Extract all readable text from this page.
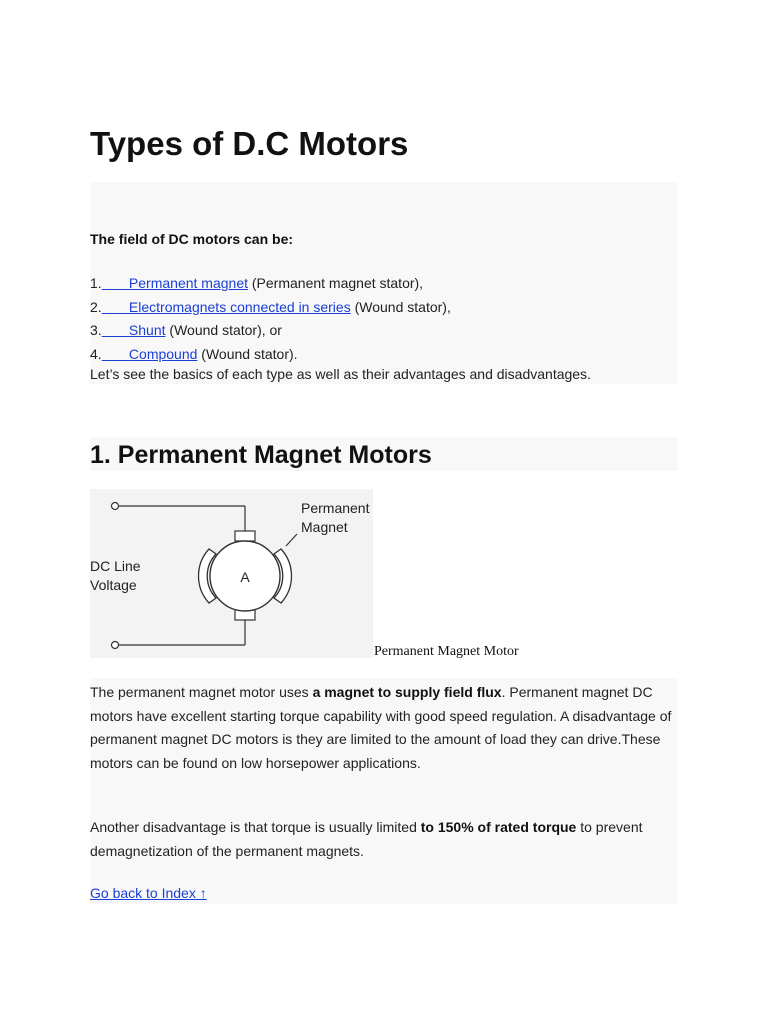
Types of D.C Motors

The field of DC motors can be:

1. Permanent magnet (Permanent magnet stator),
2. Electromagnets connected in series (Wound stator),
3. Shunt (Wound stator), or
4. Compound (Wound stator).
Let’s see the basics of each type as well as their advantages and disadvantages.
1. Permanent Magnet Motors
A
Permanent
Magnet
DC Line
Voltage
Permanent Magnet Motor

The permanent magnet motor uses a magnet to supply field flux. Permanent magnet DC motors have excellent starting torque capability with good speed regulation. A disadvantage of permanent magnet DC motors is they are limited to the amount of load they can drive.These motors can be found on low horsepower applications.

Another disadvantage is that torque is usually limited to 150% of rated torque to prevent demagnetization of the permanent magnets.

Go back to Index ↑
